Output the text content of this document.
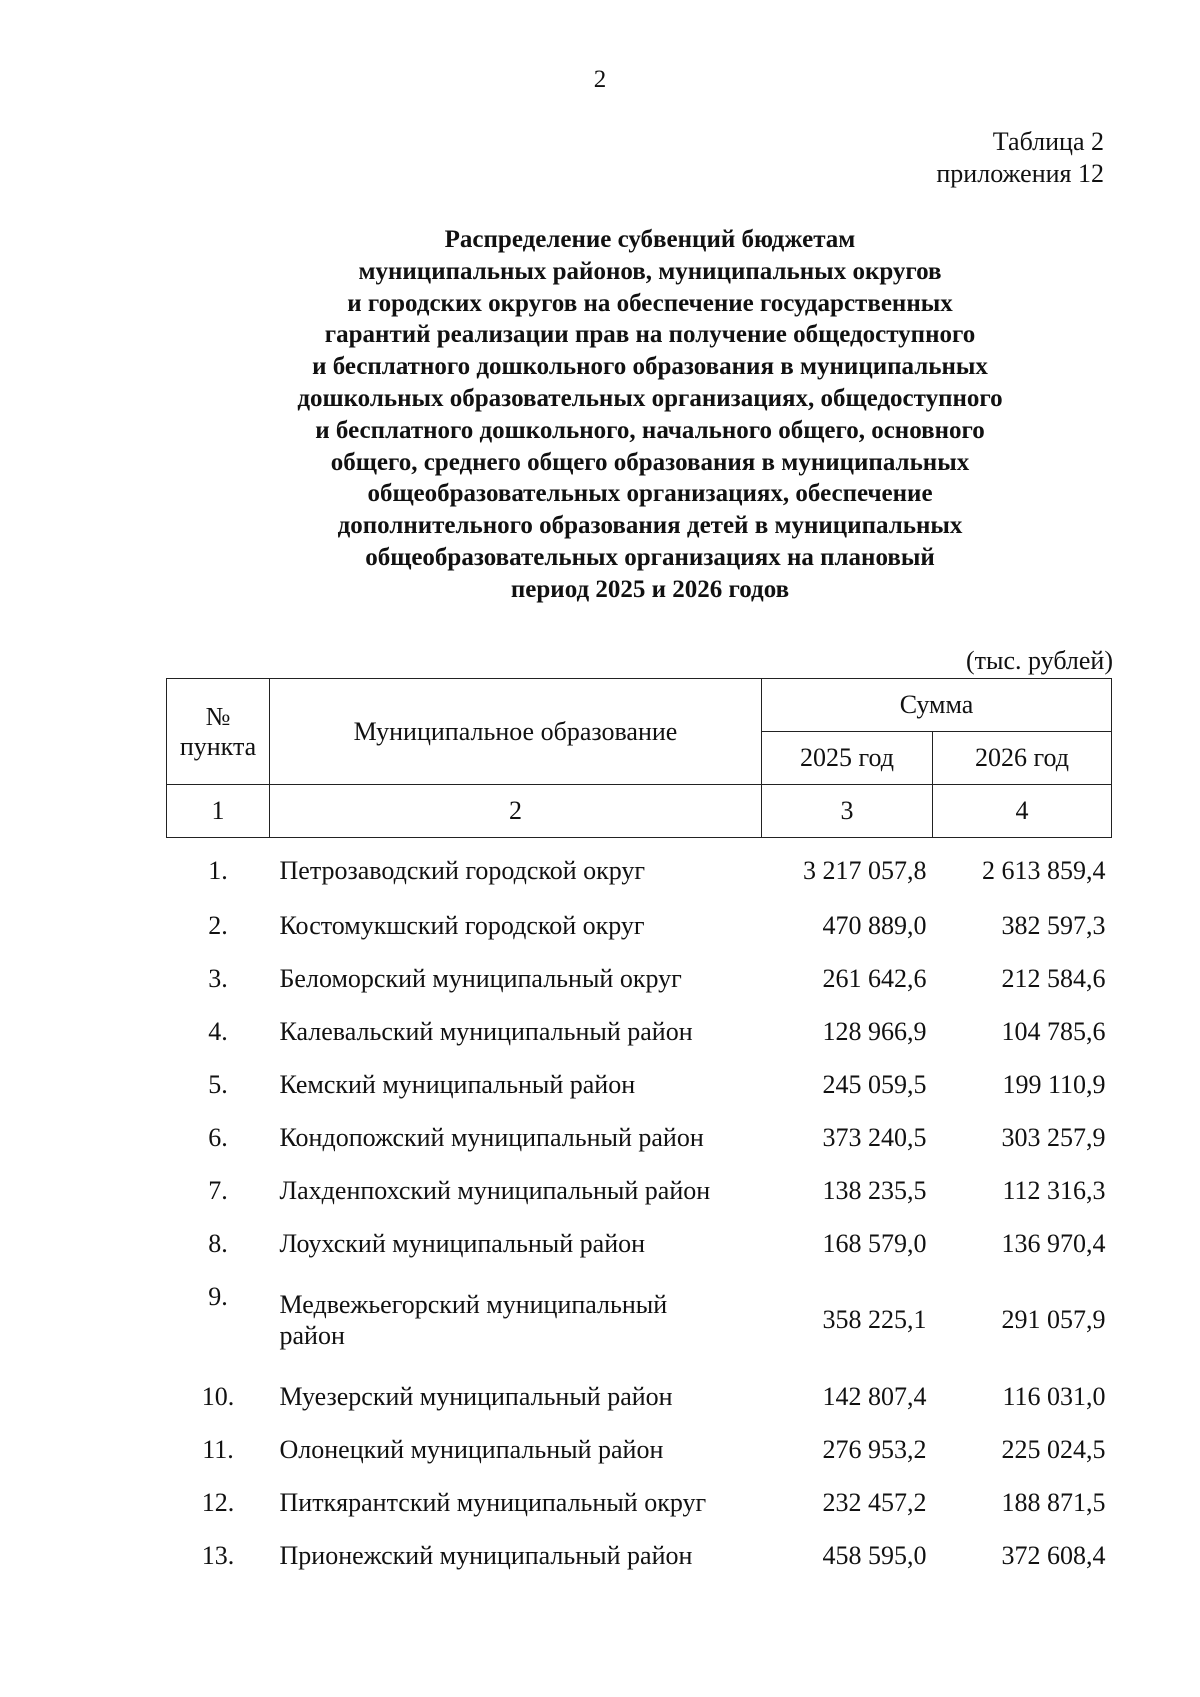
2
Таблица 2
приложения 12
Распределение субвенций бюджетам
муниципальных районов, муниципальных округов
и городских округов на обеспечение государственных
гарантий реализации прав на получение общедоступного
и бесплатного дошкольного образования в муниципальных
дошкольных образовательных организациях, общедоступного
и бесплатного дошкольного, начального общего, основного
общего, среднего общего образования в муниципальных
общеобразовательных организациях, обеспечение
дополнительного образования детей в муниципальных
общеобразовательных организациях на плановый
период 2025 и 2026 годов
(тыс. рублей)
№
пункта	Муниципальное образование	Сумма	
		2025 год	2026 год
1	2	3	4
1.	Петрозаводский городской округ	3 217 057,8	2 613 859,4
2.	Костомукшский городской округ	470 889,0	382 597,3
3.	Беломорский муниципальный округ	261 642,6	212 584,6
4.	Калевальский муниципальный район	128 966,9	104 785,6
5.	Кемский муниципальный район	245 059,5	199 110,9
6.	Кондопожский муниципальный район	373 240,5	303 257,9
7.	Лахденпохский муниципальный район	138 235,5	112 316,3
8.	Лоухский муниципальный район	168 579,0	136 970,4
9.	Медвежьегорский муниципальный
район	358 225,1	291 057,9
10.	Муезерский муниципальный район	142 807,4	116 031,0
11.	Олонецкий муниципальный район	276 953,2	225 024,5
12.	Питкярантский муниципальный округ	232 457,2	188 871,5
13.	Прионежский муниципальный район	458 595,0	372 608,4
